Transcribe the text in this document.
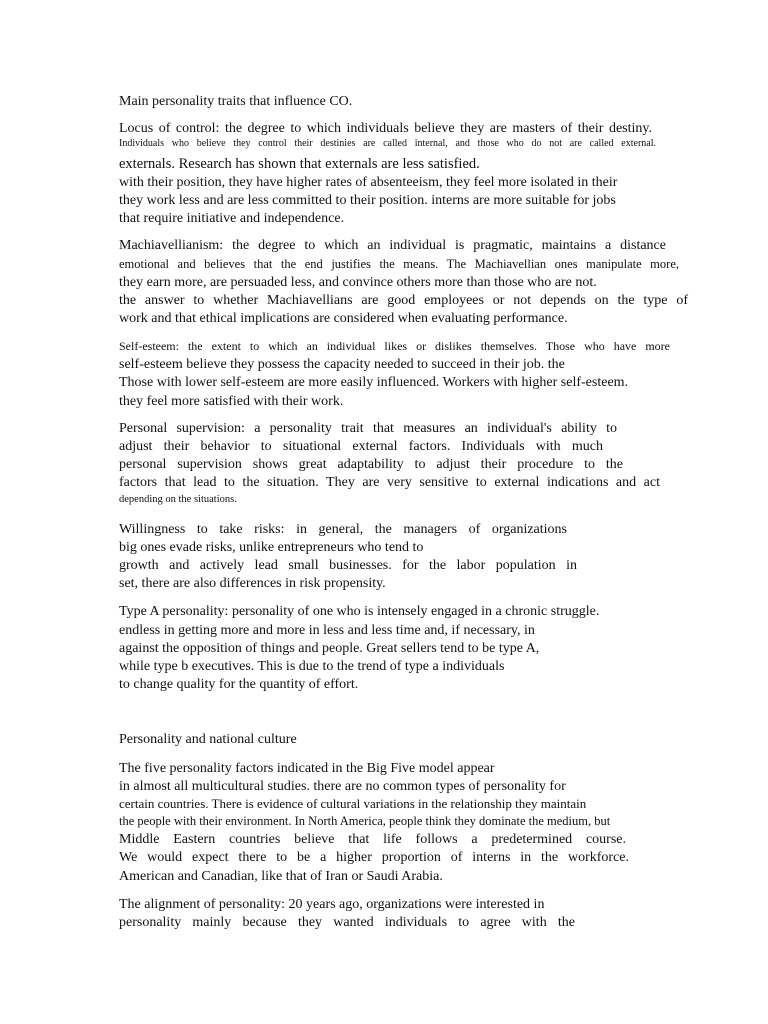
Main personality traits that influence CO.
Locus of control: the degree to which individuals believe they are masters of their destiny.
Individuals who believe they control their destinies are called internal, and those who do not are called external.
externals. Research has shown that externals are less satisfied.
with their position, they have higher rates of absenteeism, they feel more isolated in their
they work less and are less committed to their position. interns are more suitable for jobs
that require initiative and independence.
Machiavellianism: the degree to which an individual is pragmatic, maintains a distance
emotional and believes that the end justifies the means. The Machiavellian ones manipulate more,
they earn more, are persuaded less, and convince others more than those who are not.
the answer to whether Machiavellians are good employees or not depends on the type of
work and that ethical implications are considered when evaluating performance.
Self-esteem: the extent to which an individual likes or dislikes themselves. Those who have more
self-esteem believe they possess the capacity needed to succeed in their job. the
Those with lower self-esteem are more easily influenced. Workers with higher self-esteem.
they feel more satisfied with their work.
Personal supervision: a personality trait that measures an individual's ability to
adjust their behavior to situational external factors. Individuals with much
personal supervision shows great adaptability to adjust their procedure to the
factors that lead to the situation. They are very sensitive to external indications and act
depending on the situations.
Willingness to take risks: in general, the managers of organizations
big ones evade risks, unlike entrepreneurs who tend to
growth and actively lead small businesses. for the labor population in
set, there are also differences in risk propensity.
Type A personality: personality of one who is intensely engaged in a chronic struggle.
endless in getting more and more in less and less time and, if necessary, in
against the opposition of things and people. Great sellers tend to be type A,
while type b executives. This is due to the trend of type a individuals
to change quality for the quantity of effort.
Personality and national culture
The five personality factors indicated in the Big Five model appear
in almost all multicultural studies. there are no common types of personality for
certain countries. There is evidence of cultural variations in the relationship they maintain
the people with their environment. In North America, people think they dominate the medium, but
Middle Eastern countries believe that life follows a predetermined course.
We would expect there to be a higher proportion of interns in the workforce.
American and Canadian, like that of Iran or Saudi Arabia.
The alignment of personality: 20 years ago, organizations were interested in
personality mainly because they wanted individuals to agree with the
